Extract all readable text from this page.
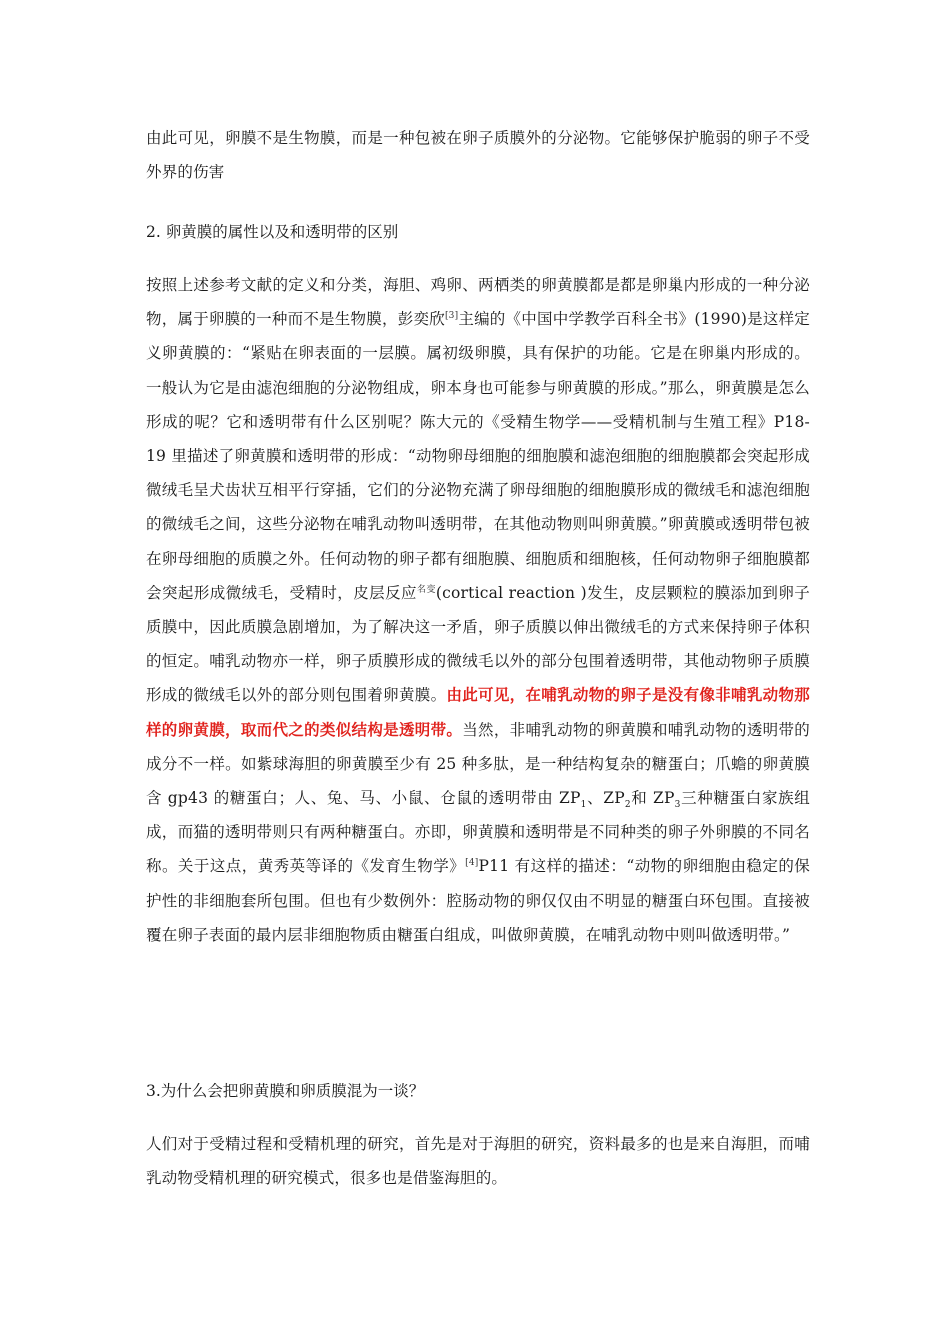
由此可见，卵膜不是生物膜，而是一种包被在卵子质膜外的分泌物。它能够保护脆弱的卵子不受外界的伤害

2. 卵黄膜的属性以及和透明带的区别

按照上述参考文献的定义和分类，海胆、鸡卵、两栖类的卵黄膜都是都是卵巢内形成的一种分泌物，属于卵膜的一种而不是生物膜，彭奕欣[3]主编的《中国中学教学百科全书》(1990)是这样定义卵黄膜的：“紧贴在卵表面的一层膜。属初级卵膜，具有保护的功能。它是在卵巢内形成的。一般认为它是由滤泡细胞的分泌物组成，卵本身也可能参与卵黄膜的形成。”那么，卵黄膜是怎么形成的呢？它和透明带有什么区别呢？陈大元的《受精生物学——受精机制与生殖工程》P18-19 里描述了卵黄膜和透明带的形成：“动物卵母细胞的细胞膜和滤泡细胞的细胞膜都会突起形成微绒毛呈犬齿状互相平行穿插，它们的分泌物充满了卵母细胞的细胞膜形成的微绒毛和滤泡细胞的微绒毛之间，这些分泌物在哺乳动物叫透明带，在其他动物则叫卵黄膜。”卵黄膜或透明带包被在卵母细胞的质膜之外。任何动物的卵子都有细胞膜、细胞质和细胞核，任何动物卵子细胞膜都会突起形成微绒毛，受精时，皮层反应$^{名变}$(cortical reaction )发生，皮层颗粒的膜添加到卵子质膜中，因此质膜急剧增加，为了解决这一矛盾，卵子质膜以伸出微绒毛的方式来保持卵子体积的恒定。哺乳动物亦一样，卵子质膜形成的微绒毛以外的部分包围着透明带，其他动物卵子质膜形成的微绒毛以外的部分则包围着卵黄膜。由此可见，在哺乳动物的卵子是没有像非哺乳动物那样的卵黄膜，取而代之的类似结构是透明带。当然，非哺乳动物的卵黄膜和哺乳动物的透明带的成分不一样。如紫球海胆的卵黄膜至少有 25 种多肽，是一种结构复杂的糖蛋白；爪蟾的卵黄膜含 gp43 的糖蛋白；人、兔、马、小鼠、仓鼠的透明带由 $ZP_1$、$ZP_2$和 $ZP_3$三种糖蛋白家族组成，而猫的透明带则只有两种糖蛋白。亦即，卵黄膜和透明带是不同种类的卵子外卵膜的不同名称。关于这点，黄秀英等译的《发育生物学》[4]P11 有这样的描述：“动物的卵细胞由稳定的保护性的非细胞套所包围。但也有少数例外：腔肠动物的卵仅仅由不明显的糖蛋白环包围。直接被覆在卵子表面的最内层非细胞物质由糖蛋白组成，叫做卵黄膜，在哺乳动物中则叫做透明带。”

3.为什么会把卵黄膜和卵质膜混为一谈？

人们对于受精过程和受精机理的研究，首先是对于海胆的研究，资料最多的也是来自海胆，而哺乳动物受精机理的研究模式，很多也是借鉴海胆的。
